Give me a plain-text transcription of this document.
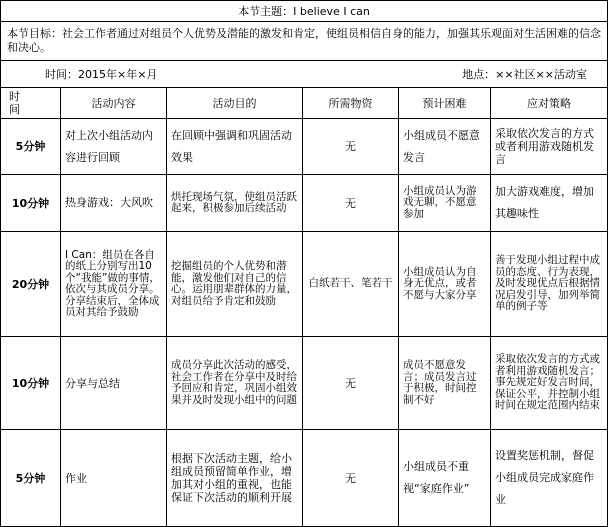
本节主题：I believe I can					
本节目标：社会工作者通过对组员个人优势及潜能的激发和肯定，使组员相信自身的能力，加强其乐观面对生活困难的信念和决心。					
时间：2015年×年×月 地点：××社区××活动室					

时 间	活动内容	活动目的	所需物资	预计困难	应对策略
5分钟	对上次小组活动内容进行回顾	在回顾中强调和巩固活动效果	无	小组成员不愿意发言	采取依次发言的方式或者利用游戏随机发言
10分钟	热身游戏：大风吹	烘托现场气氛，使组员活跃起来，积极参加后续活动	无	小组成员认为游戏无聊，不愿意参加	加大游戏难度，增加其趣味性
20分钟	I Can：组员在各自的纸上分别写出10个“我能”做的事情，依次与其成员分享。分享结束后，全体成员对其给予鼓励	挖掘组员的个人优势和潜能，激发他们对自己的信心。运用朋辈群体的力量，对组员给予肯定和鼓励	白纸若干、笔若干	小组成员认为自身无优点，或者不愿与大家分享	善于发现小组过程中成员的态度、行为表现，及时发现优点后根据情况启发引导，加列举简单的例子等
10分钟	分享与总结	成员分享此次活动的感受，社会工作者在分享中及时给予回应和肯定，巩固小组效果并及时发现小组中的问题	无	成员不愿意发言；成员发言过于积极，时间控制不好	采取依次发言的方式或者利用游戏随机发言；事先规定好发言时间，保证公平，并控制小组时间在规定范围内结束
5分钟	作业	根据下次活动主题，给小组成员预留简单作业，增加其对小组的重视，也能保证下次活动的顺利开展	无	小组成员不重视“家庭作业”	设置奖惩机制，督促小组成员完成家庭作业
